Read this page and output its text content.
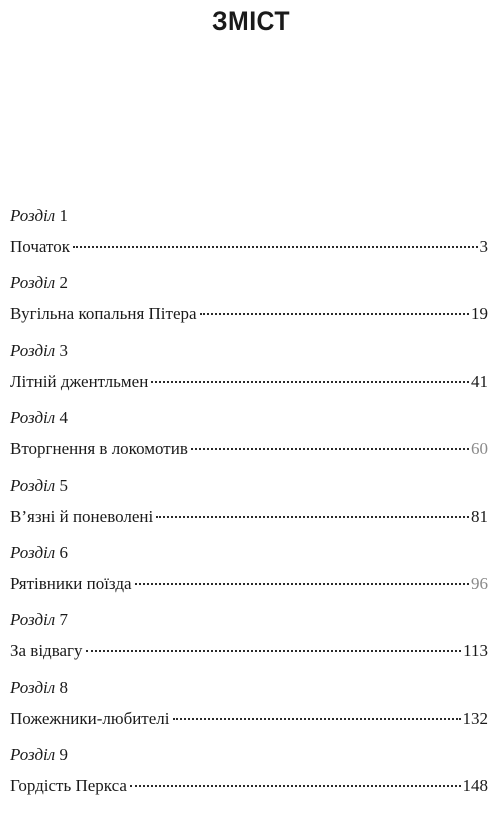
ЗМІСТ
Розділ 1
Початок	3
Розділ 2
Вугільна копальня Пітера	19
Розділ 3
Літній джентльмен	41
Розділ 4
Вторгнення в локомотив	60
Розділ 5
В’язні й поневолені	81
Розділ 6
Рятівники поїзда	96
Розділ 7
За відвагу	113
Розділ 8
Пожежники-любителі	132
Розділ 9
Гордість Перкса	148
